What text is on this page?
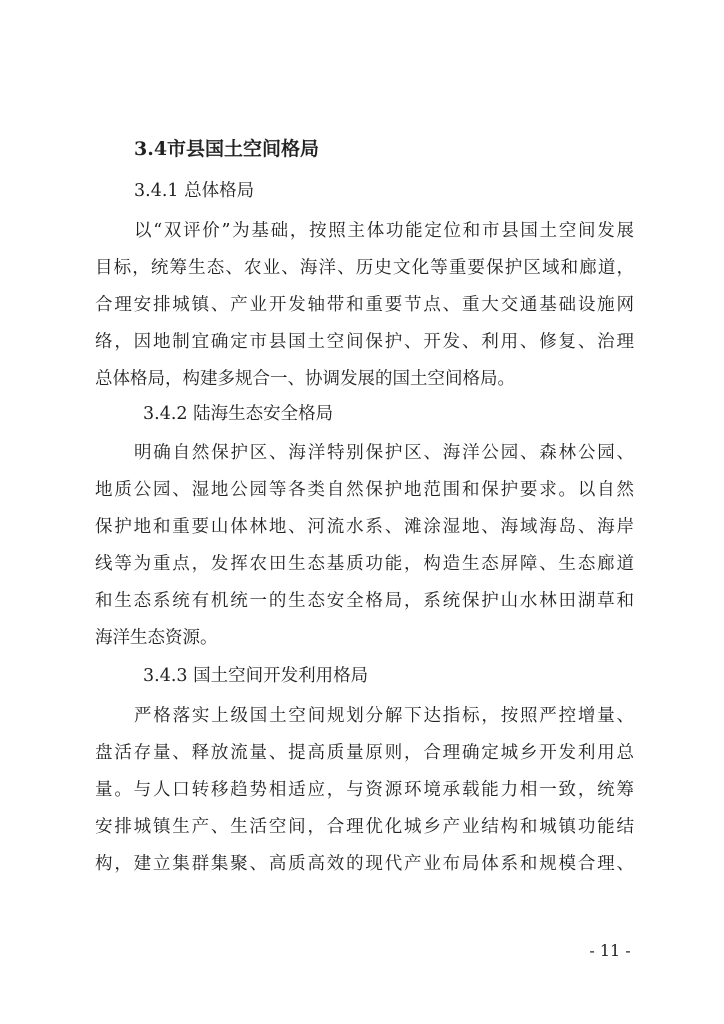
3.4市县国土空间格局
3.4.1 总体格局
以“双评价”为基础，按照主体功能定位和市县国土空间发展
目标，统筹生态、农业、海洋、历史文化等重要保护区域和廊道，
合理安排城镇、产业开发轴带和重要节点、重大交通基础设施网
络，因地制宜确定市县国土空间保护、开发、利用、修复、治理
总体格局，构建多规合一、协调发展的国土空间格局。
3.4.2 陆海生态安全格局
明确自然保护区、海洋特别保护区、海洋公园、森林公园、
地质公园、湿地公园等各类自然保护地范围和保护要求。以自然
保护地和重要山体林地、河流水系、滩涂湿地、海域海岛、海岸
线等为重点，发挥农田生态基质功能，构造生态屏障、生态廊道
和生态系统有机统一的生态安全格局，系统保护山水林田湖草和
海洋生态资源。
3.4.3 国土空间开发利用格局
严格落实上级国土空间规划分解下达指标，按照严控增量、
盘活存量、释放流量、提高质量原则，合理确定城乡开发利用总
量。与人口转移趋势相适应，与资源环境承载能力相一致，统筹
安排城镇生产、生活空间，合理优化城乡产业结构和城镇功能结
构，建立集群集聚、高质高效的现代产业布局体系和规模合理、
- 11 -
